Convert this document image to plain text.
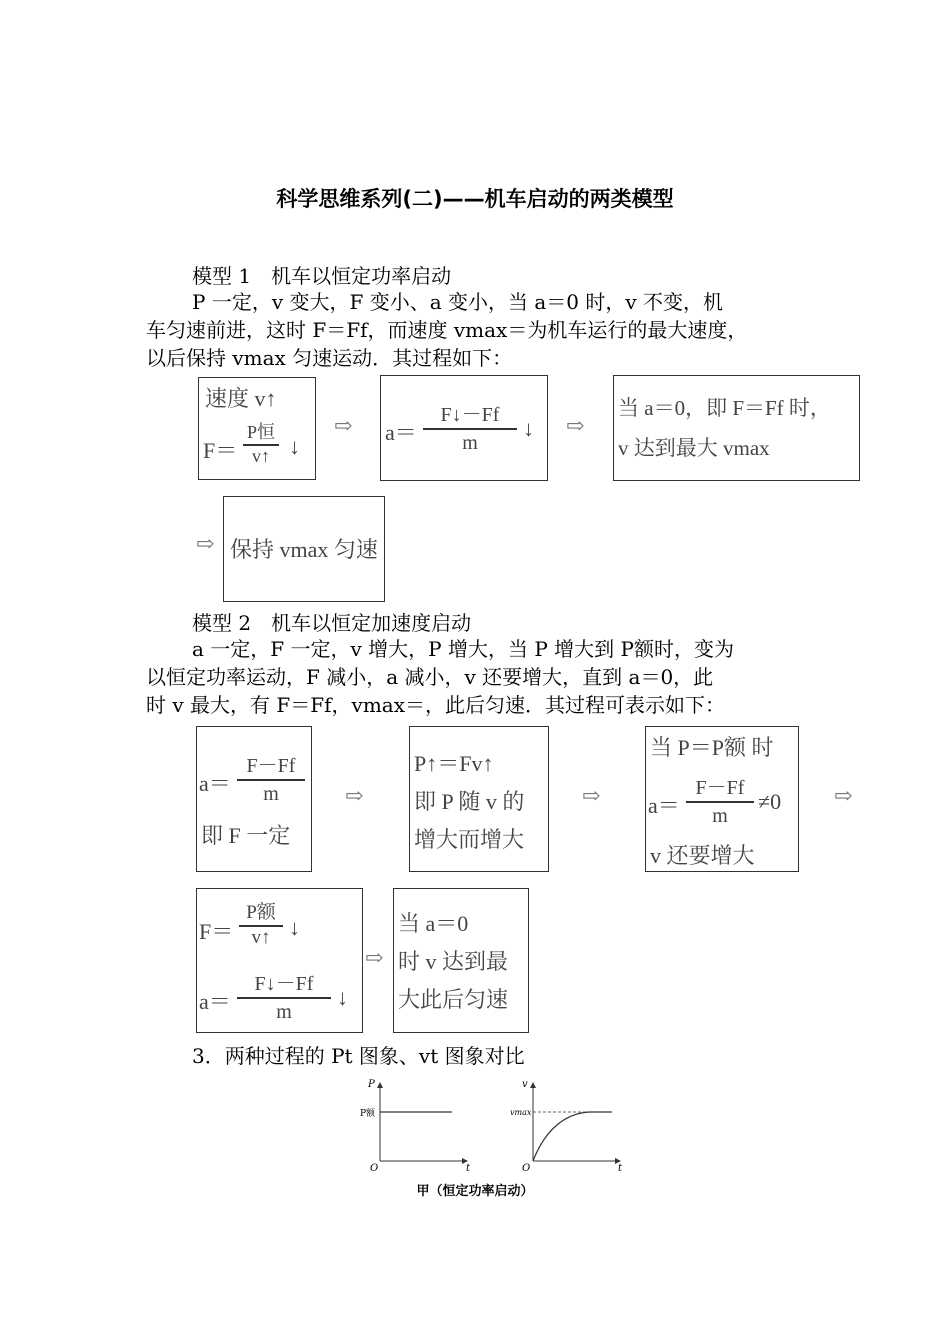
科学思维系列(二)——机车启动的两类模型
模型 1　机车以恒定功率启动
P 一定，v 变大，F 变小、a 变小，当 a＝0 时，v 不变，机
车匀速前进，这时 F＝Ff，而速度 vmax＝为机车运行的最大速度，
以后保持 vmax 匀速运动．其过程如下：
速度 v↑
F＝
P恒
v↑ ↓
⇨ a＝
F↓－Ff
m
↓ ⇨
当 a＝0，即 F＝Ff 时，
v 达到最大 vmax
⇨ 保持 vmax 匀速
模型 2　机车以恒定加速度启动
a 一定，F 一定，v 增大，P 增大，当 P 增大到 P额时，变为
以恒定功率运动，F 减小，a 减小，v 还要增大，直到 a＝0，此
时 v 最大，有 F＝Ff，vmax＝，此后匀速．其过程可表示如下：
a＝
F－Ff
m
即 F 一定
⇨
P↑＝Fv↑
即 P 随 v 的
增大而增大
⇨
当 P＝P额 时
a＝
F－Ff
m
≠0
v 还要增大
⇨
F＝
P额
v↑ ↓
a＝
F↓－Ff
m
↓
⇨
当 a＝0
时 v 达到最
大此后匀速
3．两种过程的 Pt 图象、vt 图象对比
P
P额
O	t
v
vmax
O	t
甲（恒定功率启动）
